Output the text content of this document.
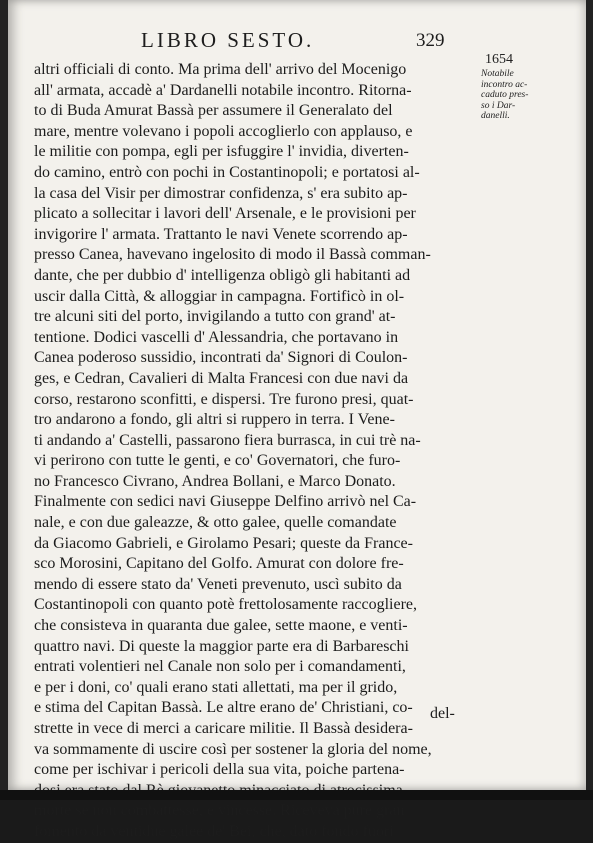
LIBRO SESTO.	329
1654
Notabile
incontro ac-
caduto pres-
so i Dar-
danelli.
altri officiali di conto. Ma prima dell' arrivo del Mocenigo
all' armata, accadè a' Dardanelli notabile incontro. Ritorna-
to di Buda Amurat Bassà per assumere il Generalato del
mare, mentre volevano i popoli accoglierlo con applauso, e
le militie con pompa, egli per isfuggire l' invidia, diverten-
do camino, entrò con pochi in Costantinopoli; e portatosi al-
la casa del Visir per dimostrar confidenza, s' era subito ap-
plicato a sollecitar i lavori dell' Arsenale, e le provisioni per
invigorire l' armata. Trattanto le navi Venete scorrendo ap-
presso Canea, havevano ingelosito di modo il Bassà comman-
dante, che per dubbio d' intelligenza obligò gli habitanti ad
uscir dalla Città, & alloggiar in campagna. Fortificò in ol-
tre alcuni siti del porto, invigilando a tutto con grand' at-
tentione. Dodici vascelli d' Alessandria, che portavano in
Canea poderoso sussidio, incontrati da' Signori di Coulon-
ges, e Cedran, Cavalieri di Malta Francesi con due navi da
corso, restarono sconfitti, e dispersi. Tre furono presi, quat-
tro andarono a fondo, gli altri si ruppero in terra. I Vene-
ti andando a' Castelli, passarono fiera burrasca, in cui trè na-
vi perirono con tutte le genti, e co' Governatori, che furo-
no Francesco Civrano, Andrea Bollani, e Marco Donato.
Finalmente con sedici navi Giuseppe Delfino arrivò nel Ca-
nale, e con due galeazze, & otto galee, quelle comandate
da Giacomo Gabrieli, e Girolamo Pesari; queste da France-
sco Morosini, Capitano del Golfo. Amurat con dolore fre-
mendo di essere stato da' Veneti prevenuto, uscì subito da
Costantinopoli con quanto potè frettolosamente raccogliere,
che consisteva in quaranta due galee, sette maone, e venti-
quattro navi. Di queste la maggior parte era di Barbareschi
entrati volentieri nel Canale non solo per i comandamenti,
e per i doni, co' quali erano stati allettati, ma per il grido,
e stima del Capitan Bassà. Le altre erano de' Christiani, co-
strette in vece di merci a caricare militie. Il Bassà desidera-
va sommamente di uscire così per sostener la gloria del nome,
come per ischivar i pericoli della sua vita, poiche partena-
morte se non combattesse, e vincesse. Riceveva pure gran
fomento da ventidue galee de' Bei, che, dato fondo fuori
del-
